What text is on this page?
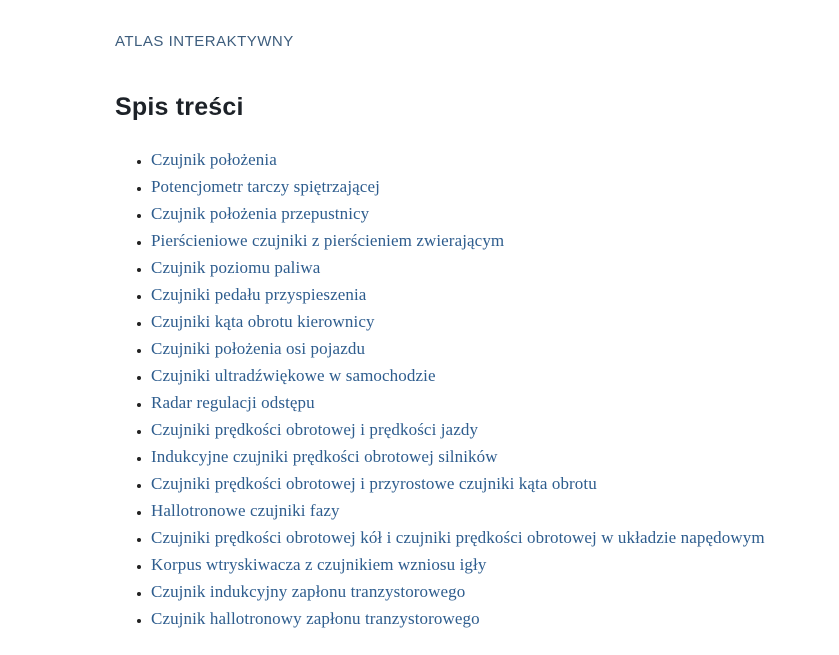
ATLAS INTERAKTYWNY
Spis treści
• Czujnik położenia
• Potencjometr tarczy spiętrzającej
• Czujnik położenia przepustnicy
• Pierścieniowe czujniki z pierścieniem zwierającym
• Czujnik poziomu paliwa
• Czujniki pedału przyspieszenia
• Czujniki kąta obrotu kierownicy
• Czujniki położenia osi pojazdu
• Czujniki ultradźwiękowe w samochodzie
• Radar regulacji odstępu
• Czujniki prędkości obrotowej i prędkości jazdy
• Indukcyjne czujniki prędkości obrotowej silników
• Czujniki prędkości obrotowej i przyrostowe czujniki kąta obrotu
• Hallotronowe czujniki fazy
• Czujniki prędkości obrotowej kół i czujniki prędkości obrotowej w układzie napędowym
• Korpus wtryskiwacza z czujnikiem wzniosu igły
• Czujnik indukcyjny zapłonu tranzystorowego
• Czujnik hallotronowy zapłonu tranzystorowego
